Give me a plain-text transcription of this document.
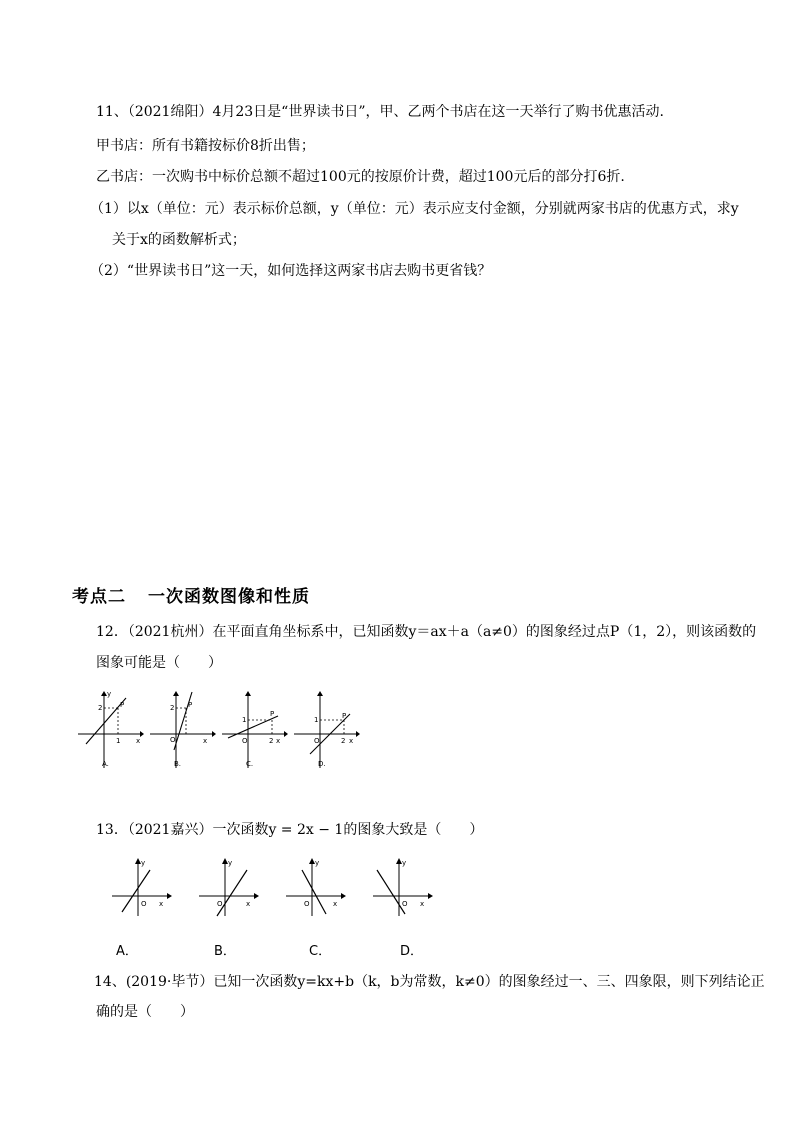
11、（2021绵阳）4月23日是“世界读书日”，甲、乙两个书店在这一天举行了购书优惠活动.
甲书店：所有书籍按标价8折出售；
乙书店：一次购书中标价总额不超过100元的按原价计费，超过100元后的部分打6折.
（1）以x（单位：元）表示标价总额，y（单位：元）表示应支付金额，分别就两家书店的优惠方式，求y
关于x的函数解析式；
（2）“世界读书日”这一天，如何选择这两家书店去购书更省钱？
考点二 一次函数图像和性质
12．（2021杭州）在平面直角坐标系中，已知函数y＝ax＋a（a≠0）的图象经过点P（1，2），则该函数的
图象可能是（　　）
2	P
1
y
x
A.
2 P
O	x
B.
1
P
O	2 x
C.
1	P
O	2 x
D.
13．（2021嘉兴）一次函数y = 2x − 1的图象大致是（　　）
y
O x
y
O	x
y
O	x
y
O x
A．	B．	C．	D．
14、(2019·毕节）已知一次函数y=kx+b（k，b为常数，k≠0）的图象经过一、三、四象限，则下列结论正
确的是（　　）
